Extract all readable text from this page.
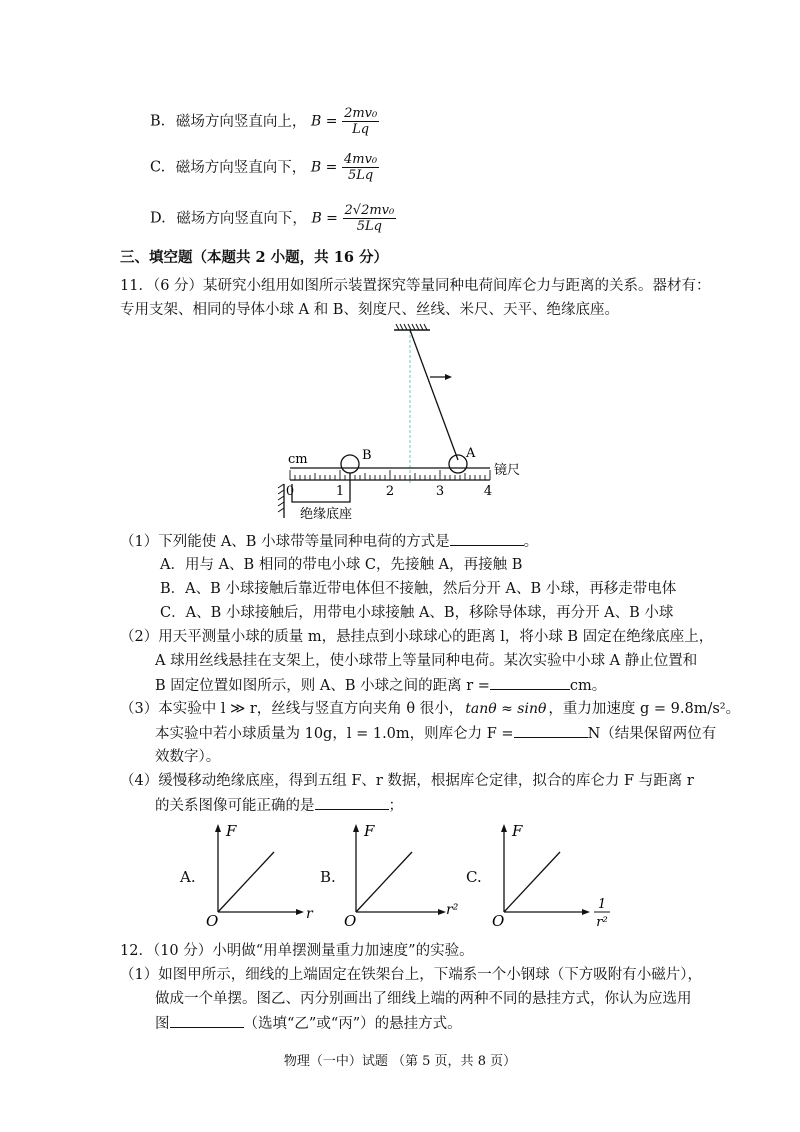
B. 磁场方向竖直向上， $B = \frac{\text{2mv₀}}{Lq}$
C. 磁场方向竖直向下， $B = \frac{\text{4mv₀}}{5Lq}$
D. 磁场方向竖直向下， $B = \frac{\text{2√2mv₀}}{5Lq}$
三、填空题（本题共 2 小题，共 16 分）
11．（6 分）某研究小组用如图所示装置探究等量同种电荷间库仑力与距离的关系。器材有：
专用支架、相同的导体小球 A 和 B、刻度尺、丝线、米尺、天平、绝缘底座。
B	A
cm
镜尺
0	1	2	3	4
绝缘底座
（1）下列能使 A、B 小球带等量同种电荷的方式是	。
A．用与 A、B 相同的带电小球 C，先接触 A，再接触 B
B．A、B 小球接触后靠近带电体但不接触，然后分开 A、B 小球，再移走带电体
C．A、B 小球接触后，用带电小球接触 A、B，移除导体球，再分开 A、B 小球
（2）用天平测量小球的质量 m，悬挂点到小球球心的距离 l，将小球 B 固定在绝缘底座上，
A 球用丝线悬挂在支架上，使小球带上等量同种电荷。某次实验中小球 A 静止位置和
B 固定位置如图所示，则 A、B 小球之间的距离 r =	cm。
（3）本实验中 l ≫ r，丝线与竖直方向夹角 θ 很小， tanθ ≈ sinθ ，重力加速度 g = 9.8m/s²。
本实验中若小球质量为 10g，l = 1.0m，则库仑力 F =	N（结果保留两位有
效数字）。
（4）缓慢移动绝缘底座，得到五组 F、r 数据，根据库仑定律，拟合的库仑力 F 与距离 r
的关系图像可能正确的是	；
A.
F
O	r
B.
F
O
r²
C.
F
O
1
r²
12．（10 分）小明做“用单摆测量重力加速度”的实验。
（1）如图甲所示，细线的上端固定在铁架台上，下端系一个小钢球（下方吸附有小磁片），
做成一个单摆。图乙、丙分别画出了细线上端的两种不同的悬挂方式，你认为应选用
图	（选填“乙”或“丙”）的悬挂方式。
物理（一中）试题 （第 5 页，共 8 页）
